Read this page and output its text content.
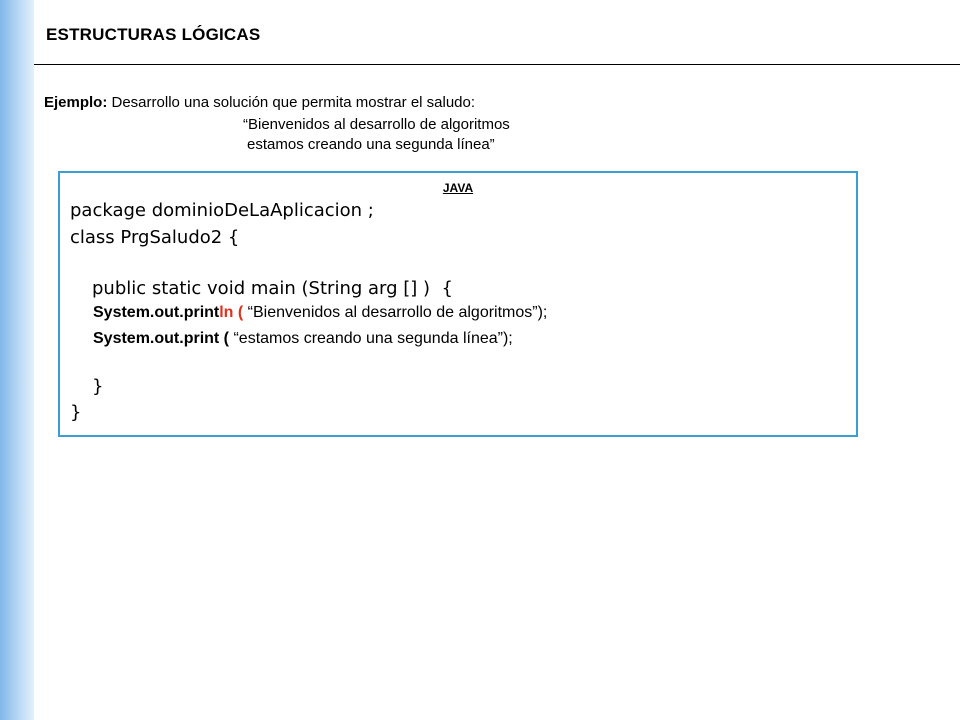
ESTRUCTURAS LÓGICAS
Ejemplo: Desarrollo una solución que permita mostrar el saludo:
“Bienvenidos al desarrollo de algoritmos
estamos creando una segunda línea”
JAVA
package dominioDeLaAplicacion ;
class PrgSaludo2 {
public static void main (String arg [] )  {
System.out.println ( “Bienvenidos al desarrollo de algoritmos”);
System.out.print ( “estamos creando una segunda línea”);
}
}
